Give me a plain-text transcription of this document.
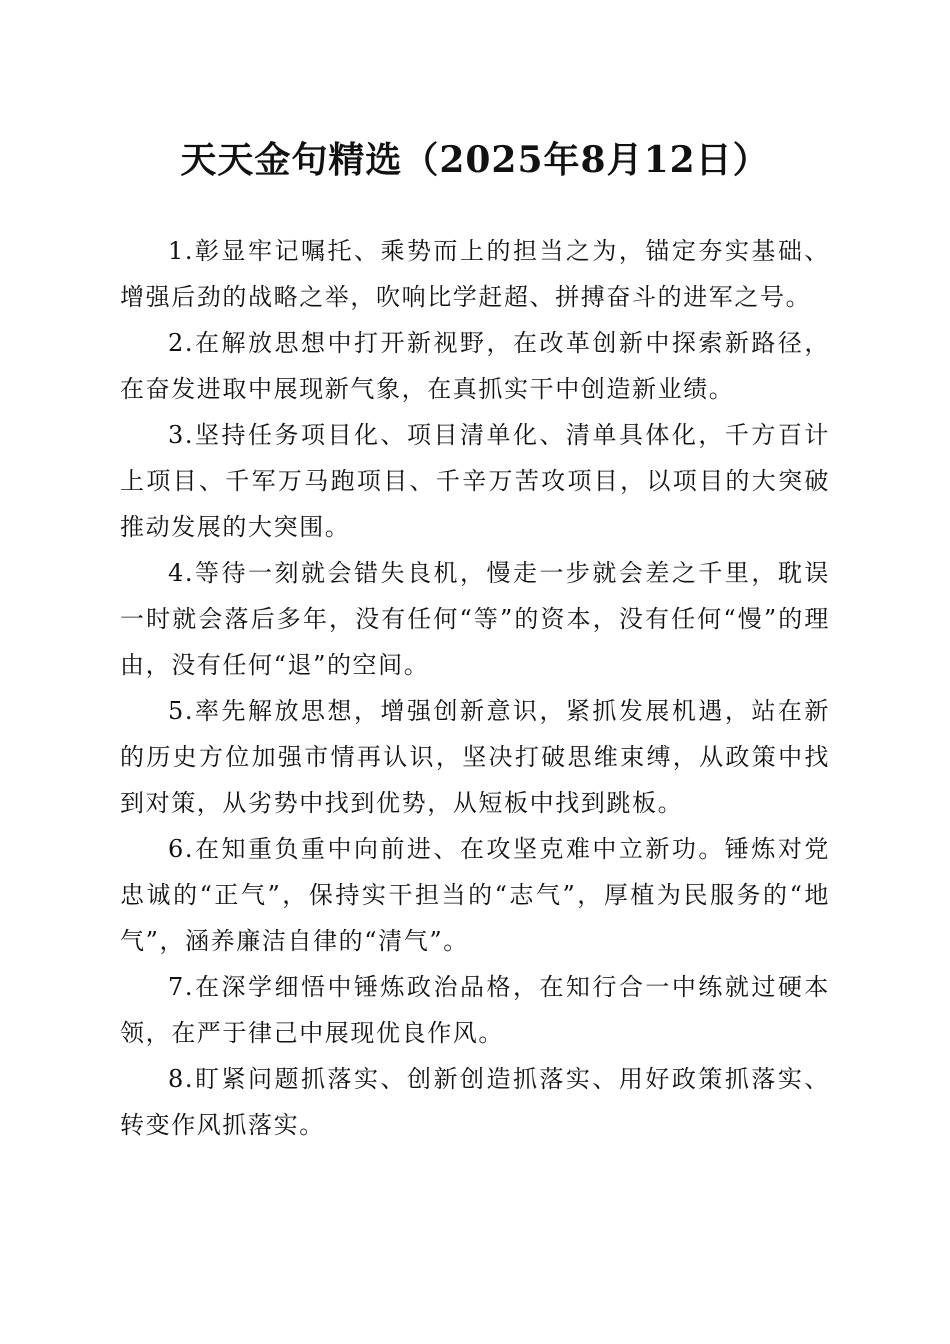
天天金句精选（2025年8月12日）

1.彰显牢记嘱托、乘势而上的担当之为，锚定夯实基础、增强后劲的战略之举，吹响比学赶超、拼搏奋斗的进军之号。

2.在解放思想中打开新视野，在改革创新中探索新路径，在奋发进取中展现新气象，在真抓实干中创造新业绩。

3.坚持任务项目化、项目清单化、清单具体化，千方百计上项目、千军万马跑项目、千辛万苦攻项目，以项目的大突破推动发展的大突围。

4.等待一刻就会错失良机，慢走一步就会差之千里，耽误一时就会落后多年，没有任何“等”的资本，没有任何“慢”的理由，没有任何“退”的空间。

5.率先解放思想，增强创新意识，紧抓发展机遇，站在新的历史方位加强市情再认识，坚决打破思维束缚，从政策中找到对策，从劣势中找到优势，从短板中找到跳板。

6.在知重负重中向前进、在攻坚克难中立新功。锤炼对党忠诚的“正气”，保持实干担当的“志气”，厚植为民服务的“地气”，涵养廉洁自律的“清气”。

7.在深学细悟中锤炼政治品格，在知行合一中练就过硬本领，在严于律己中展现优良作风。

8.盯紧问题抓落实、创新创造抓落实、用好政策抓落实、转变作风抓落实。
